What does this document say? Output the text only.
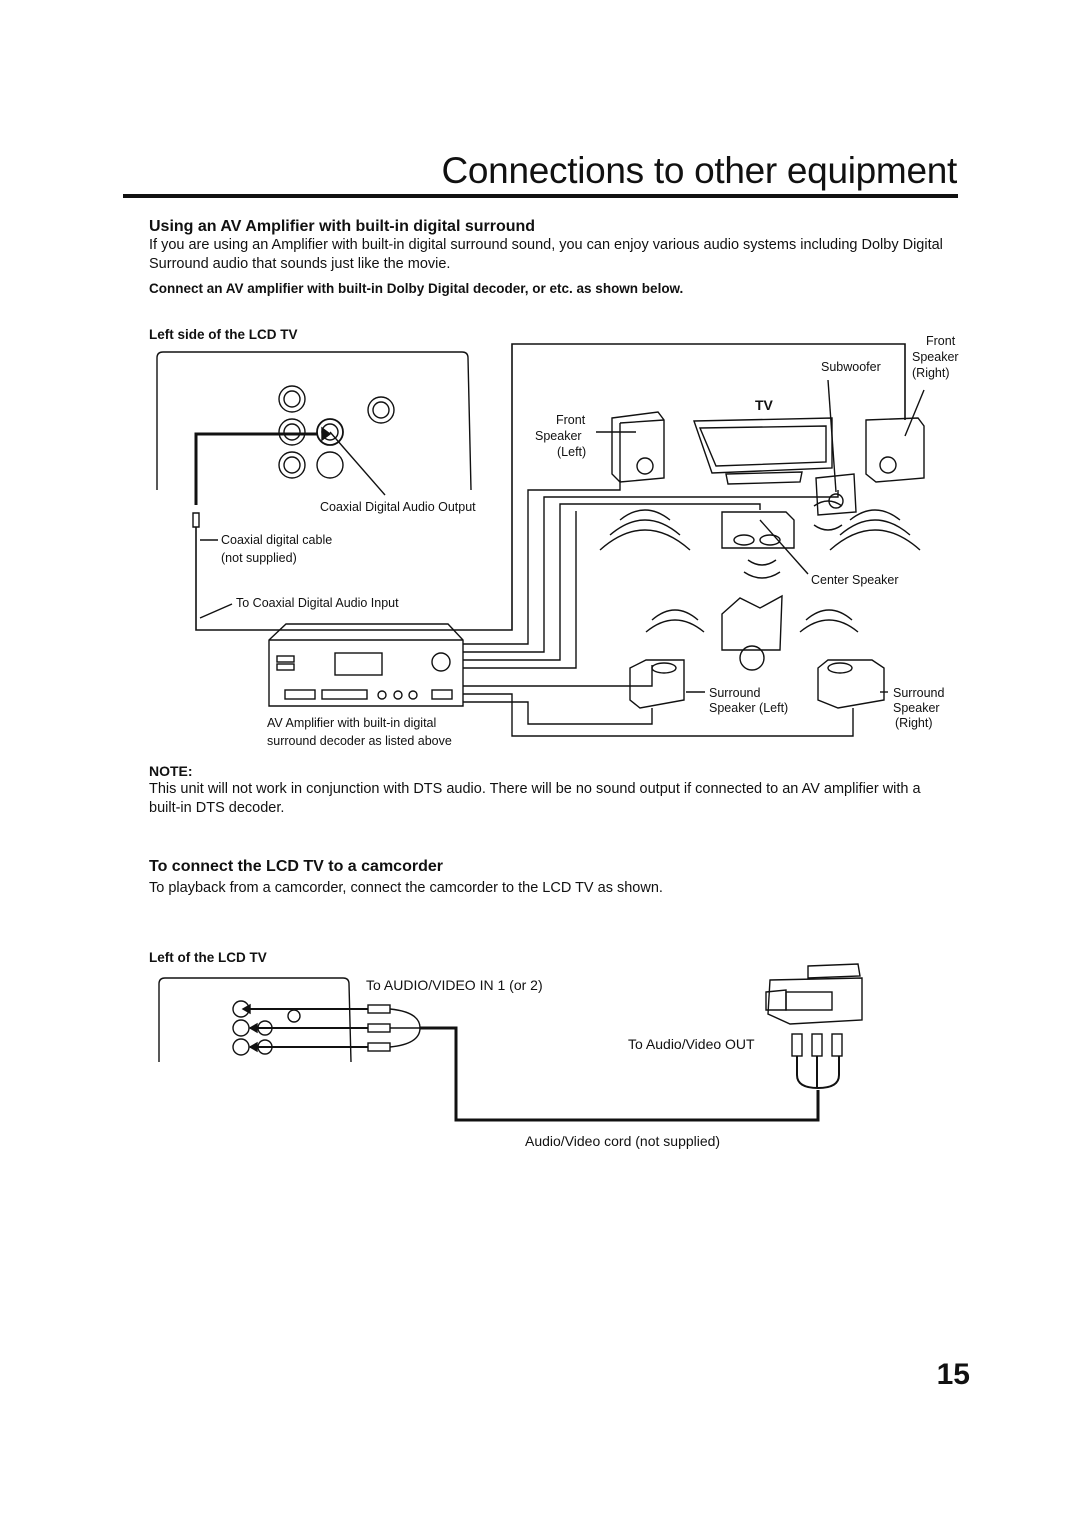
Connections to other equipment
Using an AV Amplifier with built-in digital surround
If you are using an Amplifier with built-in digital surround sound, you can enjoy various audio systems including Dolby Digital Surround audio that sounds just like the movie.
Connect an AV amplifier with built-in Dolby Digital decoder, or etc. as shown below.
Left side of the LCD TV
Coaxial Digital Audio Output
Coaxial digital cable
(not supplied)
To Coaxial Digital Audio Input
AV Amplifier with built-in digital
surround decoder as listed above
TV
Subwoofer
Front
Speaker
(Right)
Front
Speaker
(Left)
Center Speaker
Surround
Speaker (Left)
Surround
Speaker
(Right)
NOTE:
This unit will not work in conjunction with DTS audio. There will be no sound output if connected to an AV amplifier with a built-in DTS decoder.
To connect the LCD TV to a camcorder
To playback from a camcorder, connect the camcorder to the LCD TV as shown.
Left of the LCD TV
To AUDIO/VIDEO IN 1 (or 2)
To Audio/Video OUT
Audio/Video cord (not supplied)
15
